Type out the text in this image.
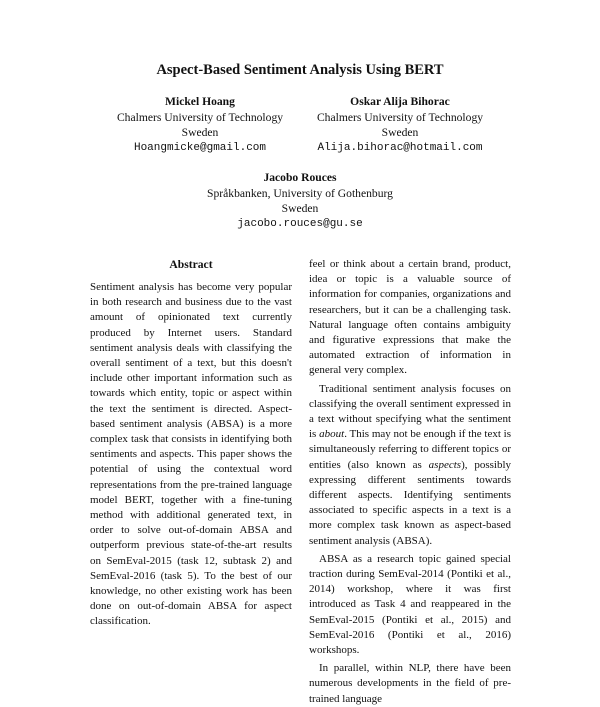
Aspect-Based Sentiment Analysis Using BERT
Mickel Hoang
Chalmers University of Technology
Sweden
Hoangmicke@gmail.com
Oskar Alija Bihorac
Chalmers University of Technology
Sweden
Alija.bihorac@hotmail.com
Jacobo Rouces
Språkbanken, University of Gothenburg
Sweden
jacobo.rouces@gu.se
Abstract

Sentiment analysis has become very popular in both research and business due to the vast amount of opinionated text currently produced by Internet users. Standard sentiment analysis deals with classifying the overall sentiment of a text, but this doesn't include other important information such as towards which entity, topic or aspect within the text the sentiment is directed. Aspect-based sentiment analysis (ABSA) is a more complex task that consists in identifying both sentiments and aspects. This paper shows the potential of using the contextual word representations from the pre-trained language model BERT, together with a fine-tuning method with additional generated text, in order to solve out-of-domain ABSA and outperform previous state-of-the-art results on SemEval-2015 (task 12, subtask 2) and SemEval-2016 (task 5). To the best of our knowledge, no other existing work has been done on out-of-domain ABSA for aspect classification.

feel or think about a certain brand, product, idea or topic is a valuable source of information for companies, organizations and researchers, but it can be a challenging task. Natural language often contains ambiguity and figurative expressions that make the automated extraction of information in general very complex.

Traditional sentiment analysis focuses on classifying the overall sentiment expressed in a text without specifying what the sentiment is about. This may not be enough if the text is simultaneously referring to different topics or entities (also known as aspects), possibly expressing different sentiments towards different aspects. Identifying sentiments associated to specific aspects in a text is a more complex task known as aspect-based sentiment analysis (ABSA).

ABSA as a research topic gained special traction during SemEval-2014 (Pontiki et al., 2014) workshop, where it was first introduced as Task 4 and reappeared in the SemEval-2015 (Pontiki et al., 2015) and SemEval-2016 (Pontiki et al., 2016) workshops.

In parallel, within NLP, there have been numerous developments in the field of pre-trained language
